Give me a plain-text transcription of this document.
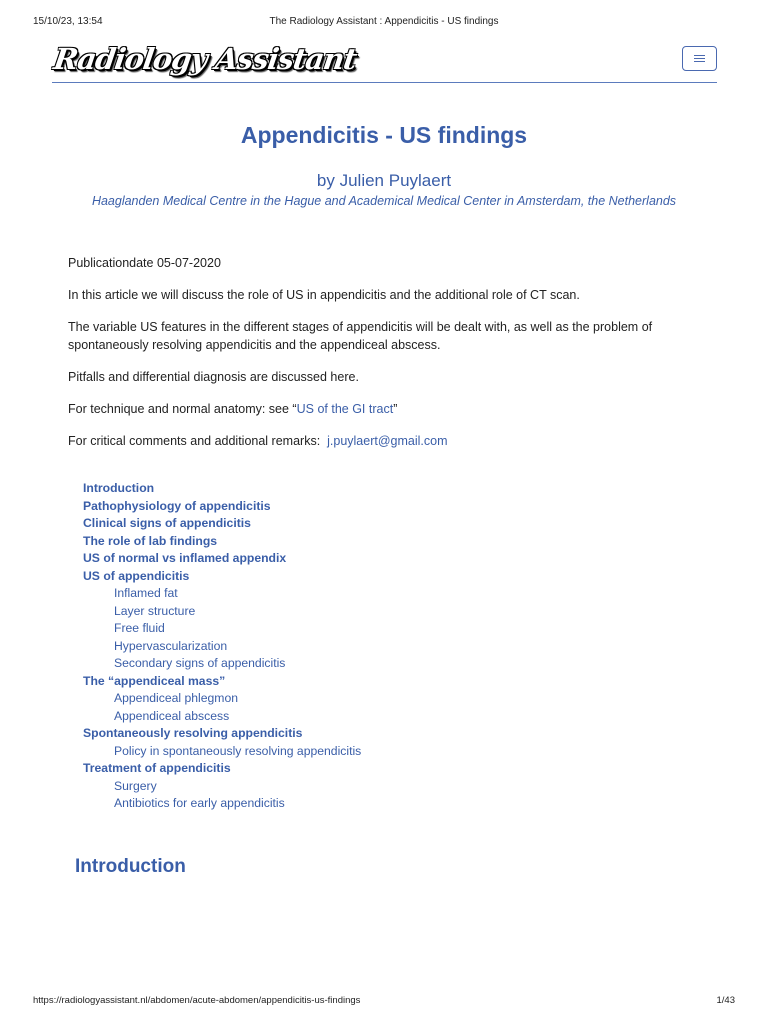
15/10/23, 13:54	The Radiology Assistant : Appendicitis - US findings
Radiology Assistant
Appendicitis - US findings

by Julien Puylaert

Haaglanden Medical Centre in the Hague and Academical Medical Center in Amsterdam, the Netherlands

Publicationdate 05-07-2020

In this article we will discuss the role of US in appendicitis and the additional role of CT scan.

The variable US features in the different stages of appendicitis will be dealt with, as well as the problem of spontaneously resolving appendicitis and the appendiceal abscess.

Pitfalls and differential diagnosis are discussed here.

For technique and normal anatomy: see “US of the GI tract”

For critical comments and additional remarks:  j.puylaert@gmail.com

Introduction
Pathophysiology of appendicitis
Clinical signs of appendicitis
The role of lab findings
US of normal vs inflamed appendix
US of appendicitis
Inflamed fat
Layer structure
Free fluid
Hypervascularization
Secondary signs of appendicitis
The “appendiceal mass”
Appendiceal phlegmon
Appendiceal abscess
Spontaneously resolving appendicitis
Policy in spontaneously resolving appendicitis
Treatment of appendicitis
Surgery
Antibiotics for early appendicitis
Introduction
https://radiologyassistant.nl/abdomen/acute-abdomen/appendicitis-us-findings	1/43
